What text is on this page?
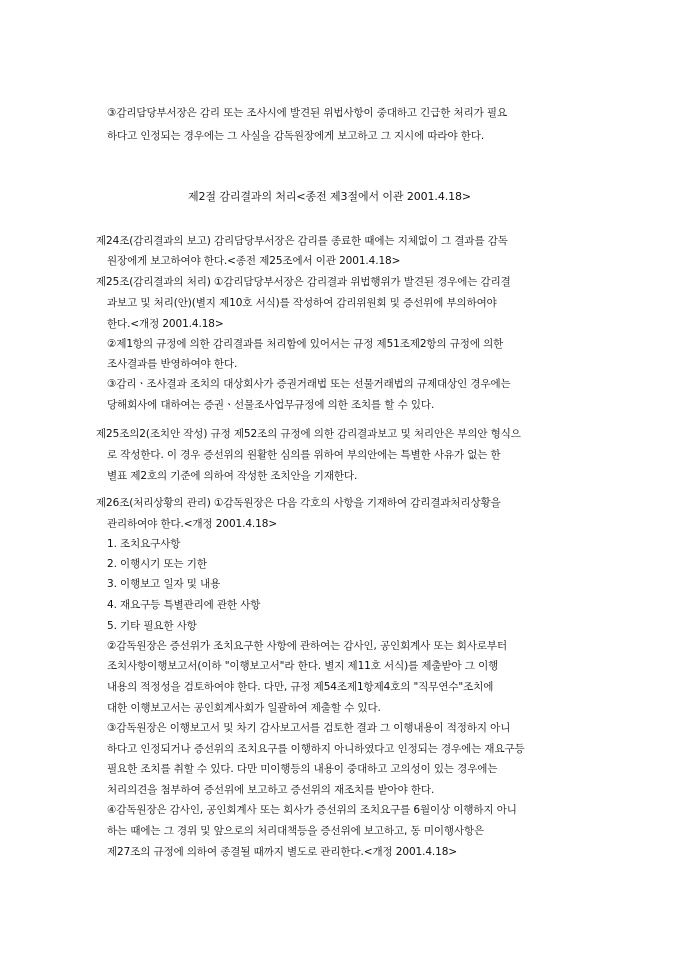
③감리담당부서장은 감리 또는 조사시에 발견된 위법사항이 중대하고 긴급한 처리가 필요
하다고 인정되는 경우에는 그 사실을 감독원장에게 보고하고 그 지시에 따라야 한다.
제2절 감리결과의 처리<종전 제3절에서 이관 2001.4.18>
제24조(감리결과의 보고) 감리담당부서장은 감리를 종료한 때에는 지체없이 그 결과를 감독
원장에게 보고하여야 한다.<종전 제25조에서 이관 2001.4.18>
제25조(감리결과의 처리) ①감리담당부서장은 감리결과 위법행위가 발견된 경우에는 감리결
과보고 및 처리(안)(별지 제10호 서식)를 작성하여 감리위원회 및 증선위에 부의하여야
한다.<개정 2001.4.18>
②제1항의 규정에 의한 감리결과를 처리함에 있어서는 규정 제51조제2항의 규정에 의한
조사결과를 반영하여야 한다.
③감리ㆍ조사결과 조치의 대상회사가 증권거래법 또는 선물거래법의 규제대상인 경우에는
당해회사에 대하여는 증권ㆍ선물조사업무규정에 의한 조치를 할 수 있다.
제25조의2(조치안 작성) 규정 제52조의 규정에 의한 감리결과보고 및 처리안은 부의안 형식으
로 작성한다. 이 경우 증선위의 원활한 심의를 위하여 부의안에는 특별한 사유가 없는 한
별표 제2호의 기준에 의하여 작성한 조치안을 기재한다.
제26조(처리상황의 관리) ①감독원장은 다음 각호의 사항을 기재하여 감리결과처리상황을
관리하여야 한다.<개정 2001.4.18>
1. 조치요구사항
2. 이행시기 또는 기한
3. 이행보고 일자 및 내용
4. 재요구등 특별관리에 관한 사항
5. 기타 필요한 사항
②감독원장은 증선위가 조치요구한 사항에 관하여는 감사인, 공인회계사 또는 회사로부터
조치사항이행보고서(이하 "이행보고서"라 한다. 별지 제11호 서식)를 제출받아 그 이행
내용의 적정성을 검토하여야 한다. 다만, 규정 제54조제1항제4호의 "직무연수"조치에
대한 이행보고서는 공인회계사회가 일괄하여 제출할 수 있다.
③감독원장은 이행보고서 및 차기 감사보고서를 검토한 결과 그 이행내용이 적정하지 아니
하다고 인정되거나 증선위의 조치요구를 이행하지 아니하였다고 인정되는 경우에는 재요구등
필요한 조치를 취할 수 있다. 다만 미이행등의 내용이 중대하고 고의성이 있는 경우에는
처리의견을 첨부하여 증선위에 보고하고 증선위의 재조치를 받아야 한다.
④감독원장은 감사인, 공인회계사 또는 회사가 증선위의 조치요구를 6월이상 이행하지 아니
하는 때에는 그 경위 및 앞으로의 처리대책등을 증선위에 보고하고, 동 미이행사항은
제27조의 규정에 의하여 종결될 때까지 별도로 관리한다.<개정 2001.4.18>
